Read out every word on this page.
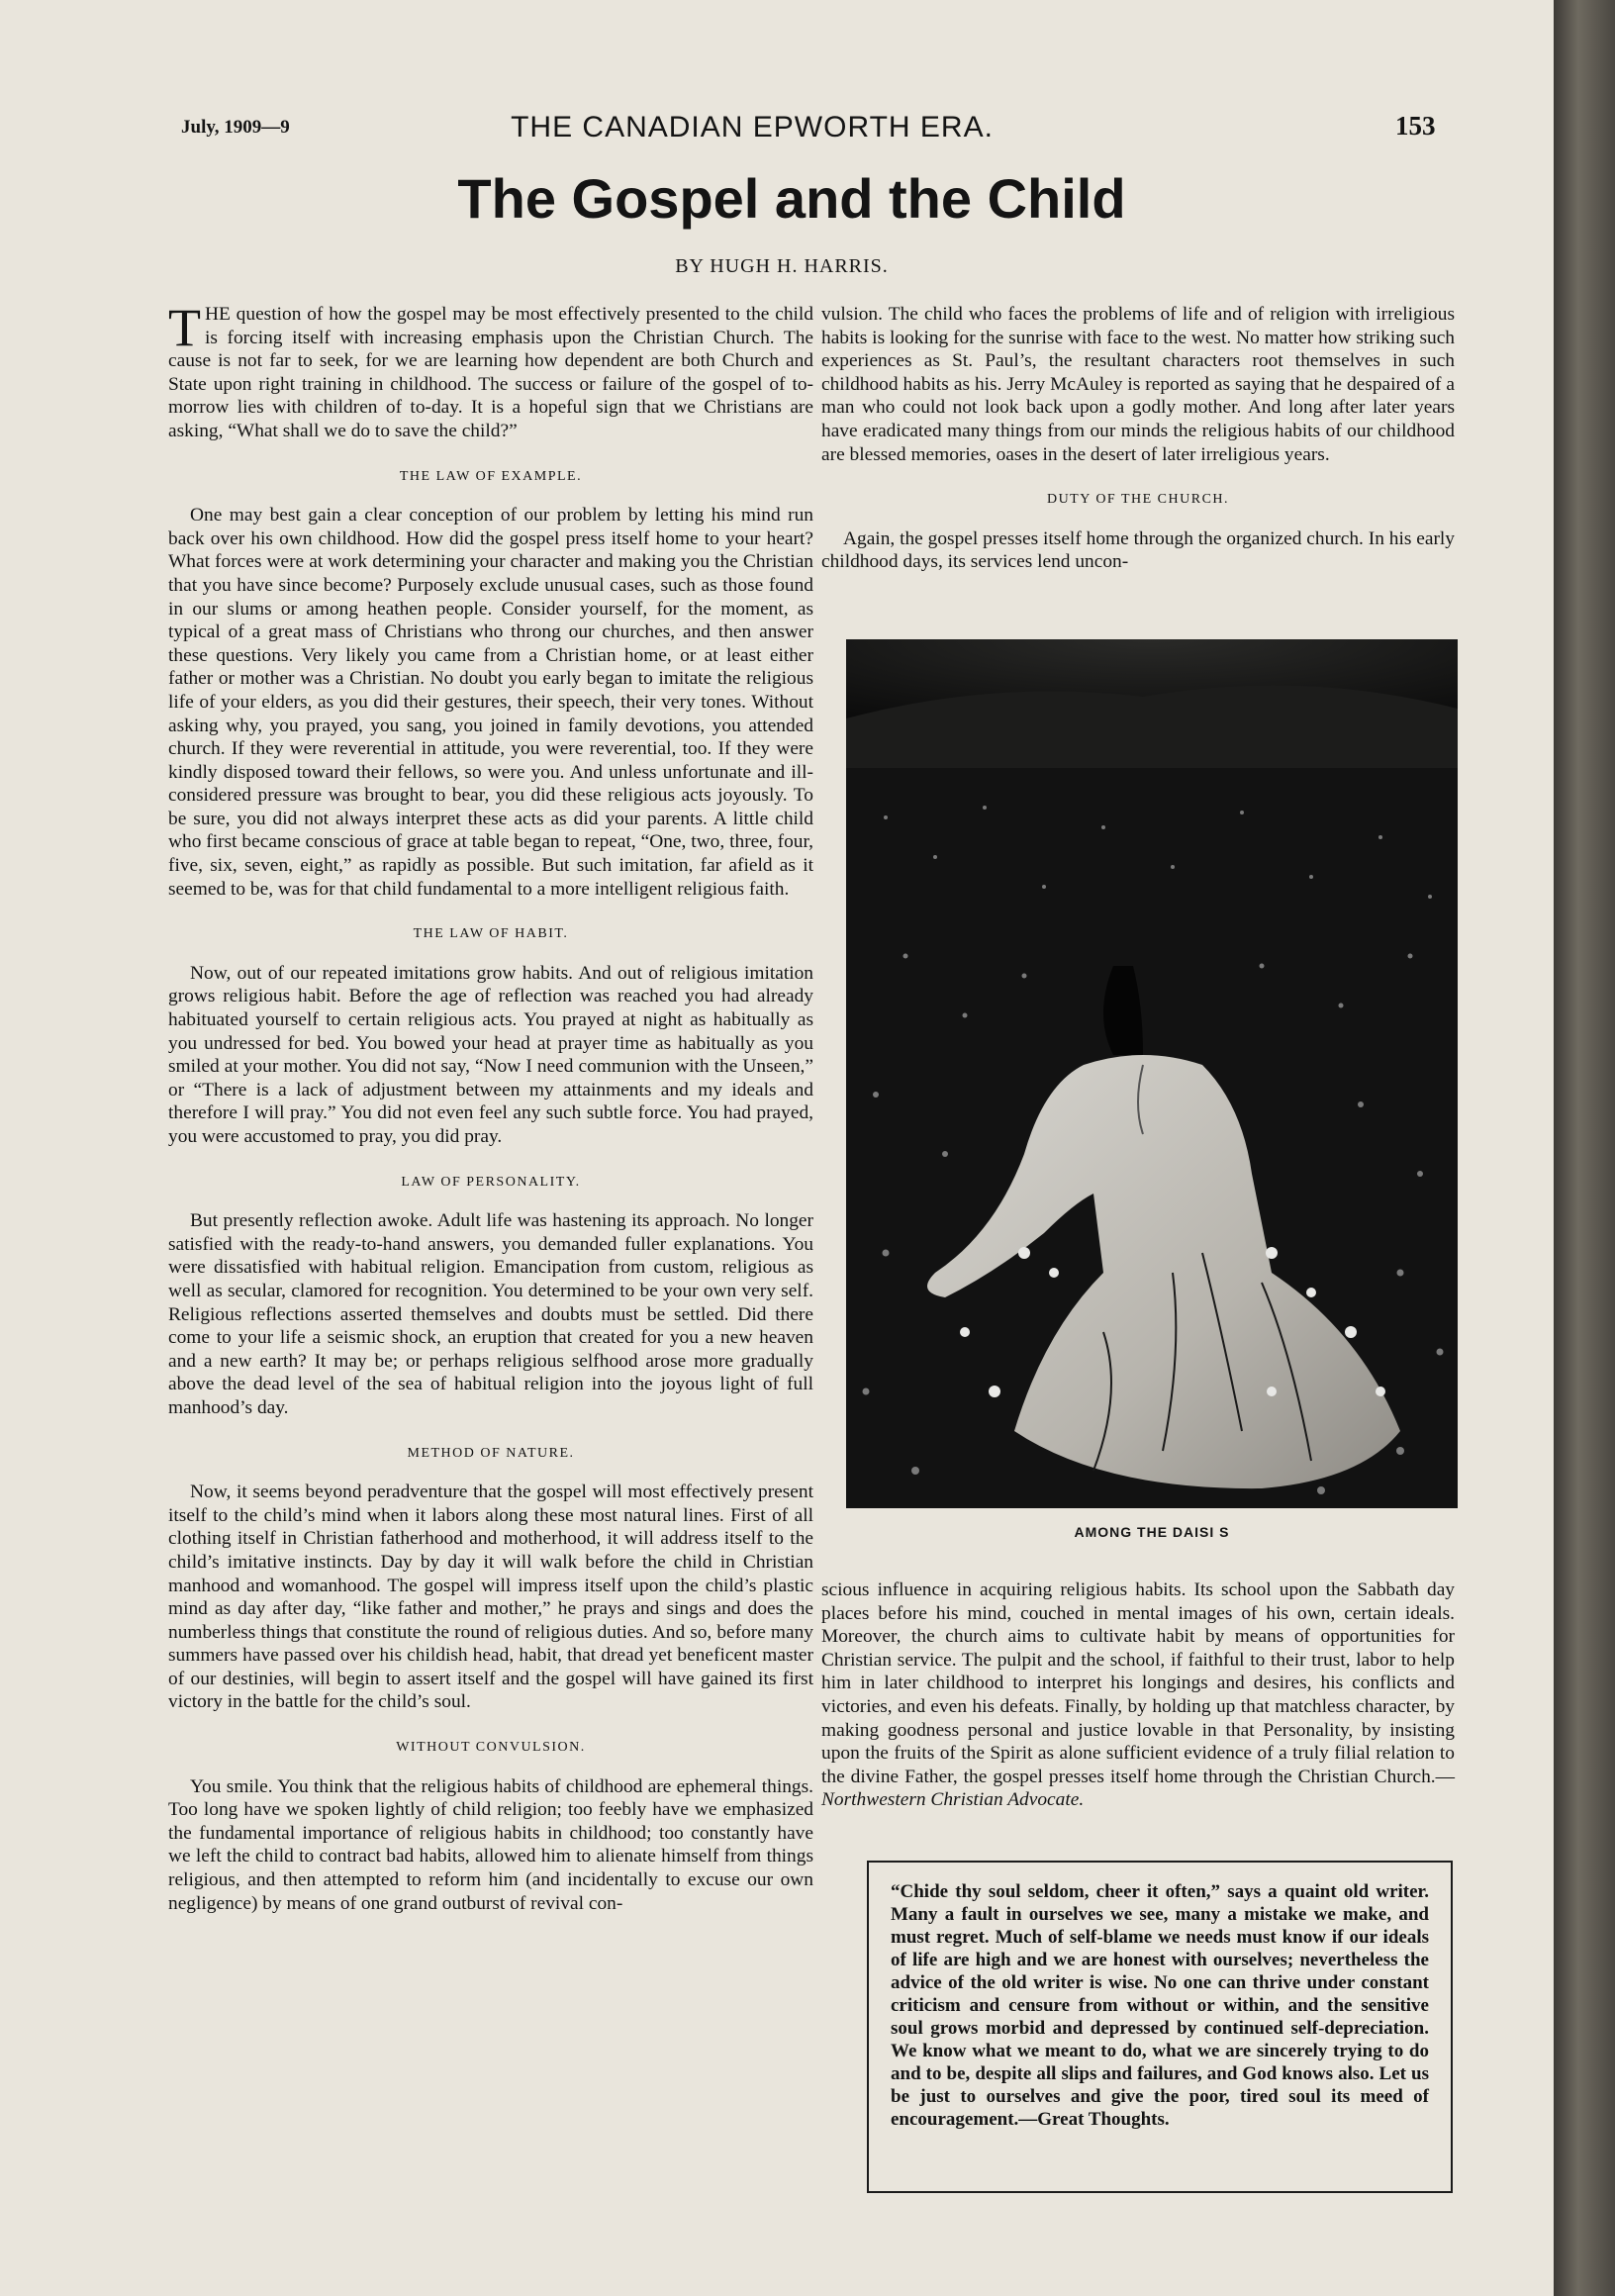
July, 1909—9	THE CANADIAN EPWORTH ERA.	153
The Gospel and the Child
BY HUGH H. HARRIS.

THE question of how the gospel may be most effectively presented to the child is forcing itself with increasing emphasis upon the Christian Church. The cause is not far to seek, for we are learning how dependent are both Church and State upon right training in childhood. The success or failure of the gospel of to-morrow lies with children of to-day. It is a hopeful sign that we Christians are asking, “What shall we do to save the child?”

THE LAW OF EXAMPLE.

One may best gain a clear conception of our problem by letting his mind run back over his own childhood. How did the gospel press itself home to your heart? What forces were at work determining your character and making you the Christian that you have since become? Purposely exclude unusual cases, such as those found in our slums or among heathen people. Consider yourself, for the moment, as typical of a great mass of Christians who throng our churches, and then answer these questions. Very likely you came from a Christian home, or at least either father or mother was a Christian. No doubt you early began to imitate the religious life of your elders, as you did their gestures, their speech, their very tones. Without asking why, you prayed, you sang, you joined in family devotions, you attended church. If they were reverential in attitude, you were reverential, too. If they were kindly disposed toward their fellows, so were you. And unless unfortunate and ill-considered pressure was brought to bear, you did these religious acts joyously. To be sure, you did not always interpret these acts as did your parents. A little child who first became conscious of grace at table began to repeat, “One, two, three, four, five, six, seven, eight,” as rapidly as possible. But such imitation, far afield as it seemed to be, was for that child fundamental to a more intelligent religious faith.

THE LAW OF HABIT.

Now, out of our repeated imitations grow habits. And out of religious imitation grows religious habit. Before the age of reflection was reached you had already habituated yourself to certain religious acts. You prayed at night as habitually as you undressed for bed. You bowed your head at prayer time as habitually as you smiled at your mother. You did not say, “Now I need communion with the Unseen,” or “There is a lack of adjustment between my attainments and my ideals and therefore I will pray.” You did not even feel any such subtle force. You had prayed, you were accustomed to pray, you did pray.

LAW OF PERSONALITY.

But presently reflection awoke. Adult life was hastening its approach. No longer satisfied with the ready-to-hand answers, you demanded fuller explanations. You were dissatisfied with habitual religion. Emancipation from custom, religious as well as secular, clamored for recognition. You determined to be your own very self. Religious reflections asserted themselves and doubts must be settled. Did there come to your life a seismic shock, an eruption that created for you a new heaven and a new earth? It may be; or perhaps religious selfhood arose more gradually above the dead level of the sea of habitual religion into the joyous light of full manhood’s day.

METHOD OF NATURE.

Now, it seems beyond peradventure that the gospel will most effectively present itself to the child’s mind when it labors along these most natural lines. First of all clothing itself in Christian fatherhood and motherhood, it will address itself to the child’s imitative instincts. Day by day it will walk before the child in Christian manhood and womanhood. The gospel will impress itself upon the child’s plastic mind as day after day, “like father and mother,” he prays and sings and does the numberless things that constitute the round of religious duties. And so, before many summers have passed over his childish head, habit, that dread yet beneficent master of our destinies, will begin to assert itself and the gospel will have gained its first victory in the battle for the child’s soul.

WITHOUT CONVULSION.

You smile. You think that the religious habits of childhood are ephemeral things. Too long have we spoken lightly of child religion; too feebly have we emphasized the fundamental importance of religious habits in childhood; too constantly have we left the child to contract bad habits, allowed him to alienate himself from things religious, and then attempted to reform him (and incidentally to excuse our own negligence) by means of one grand outburst of revival con-

vulsion. The child who faces the problems of life and of religion with irreligious habits is looking for the sunrise with face to the west. No matter how striking such experiences as St. Paul’s, the resultant characters root themselves in such childhood habits as his. Jerry McAuley is reported as saying that he despaired of a man who could not look back upon a godly mother. And long after later years have eradicated many things from our minds the religious habits of our childhood are blessed memories, oases in the desert of later irreligious years.

DUTY OF THE CHURCH.

Again, the gospel presses itself home through the organized church. In his early childhood days, its services lend uncon-

AMONG THE DAISI S

scious influence in acquiring religious habits. Its school upon the Sabbath day places before his mind, couched in mental images of his own, certain ideals. Moreover, the church aims to cultivate habit by means of opportunities for Christian service. The pulpit and the school, if faithful to their trust, labor to help him in later childhood to interpret his longings and desires, his conflicts and victories, and even his defeats. Finally, by holding up that matchless character, by making goodness personal and justice lovable in that Personality, by insisting upon the fruits of the Spirit as alone sufficient evidence of a truly filial relation to the divine Father, the gospel presses itself home through the Christian Church.—Northwestern Christian Advocate.

“Chide thy soul seldom, cheer it often,” says a quaint old writer. Many a fault in ourselves we see, many a mistake we make, and must regret. Much of self-blame we needs must know if our ideals of life are high and we are honest with ourselves; nevertheless the advice of the old writer is wise. No one can thrive under constant criticism and censure from without or within, and the sensitive soul grows morbid and depressed by continued self-depreciation. We know what we meant to do, what we are sincerely trying to do and to be, despite all slips and failures, and God knows also. Let us be just to ourselves and give the poor, tired soul its meed of encouragement.—Great Thoughts.
